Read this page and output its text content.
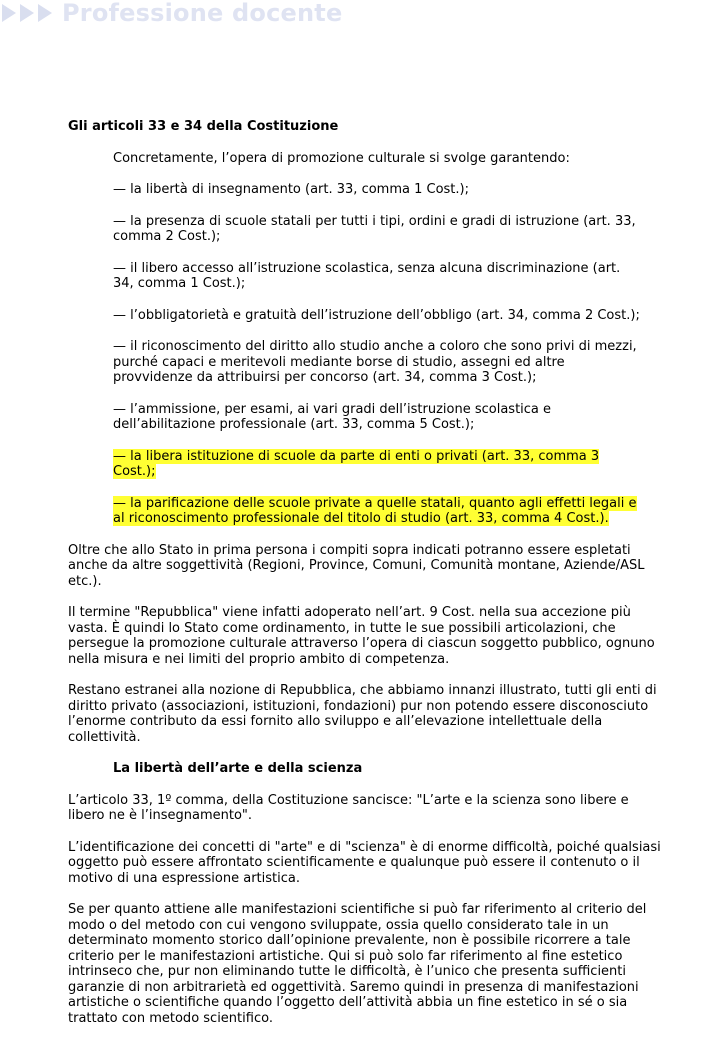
Professione docente

Gli articoli 33 e 34 della Costituzione

Concretamente, l’opera di promozione culturale si svolge garantendo:

— la libertà di insegnamento (art. 33, comma 1 Cost.);

— la presenza di scuole statali per tutti i tipi, ordini e gradi di istruzione (art. 33, comma 2 Cost.);

— il libero accesso all’istruzione scolastica, senza alcuna discriminazione (art. 34, comma 1 Cost.);

— l’obbligatorietà e gratuità dell’istruzione dell’obbligo (art. 34, comma 2 Cost.);

— il riconoscimento del diritto allo studio anche a coloro che sono privi di mezzi, purché capaci e meritevoli mediante borse di studio, assegni ed altre provvidenze da attribuirsi per concorso (art. 34, comma 3 Cost.);

— l’ammissione, per esami, ai vari gradi dell’istruzione scolastica e dell’abilitazione professionale (art. 33, comma 5 Cost.);

— la libera istituzione di scuole da parte di enti o privati (art. 33, comma 3 Cost.);

— la parificazione delle scuole private a quelle statali, quanto agli effetti legali e al riconoscimento professionale del titolo di studio (art. 33, comma 4 Cost.).

Oltre che allo Stato in prima persona i compiti sopra indicati potranno essere espletati anche da altre soggettività (Regioni, Province, Comuni, Comunità montane, Aziende/ASL etc.).

Il termine "Repubblica" viene infatti adoperato nell’art. 9 Cost. nella sua accezione più vasta. È quindi lo Stato come ordinamento, in tutte le sue possibili articolazioni, che persegue la promozione culturale attraverso l’opera di ciascun soggetto pubblico, ognuno nella misura e nei limiti del proprio ambito di competenza.

Restano estranei alla nozione di Repubblica, che abbiamo innanzi illustrato, tutti gli enti di diritto privato (associazioni, istituzioni, fondazioni) pur non potendo essere disconosciuto l’enorme contributo da essi fornito allo sviluppo e all’elevazione intellettuale della collettività.

La libertà dell’arte e della scienza

L’articolo 33, 1º comma, della Costituzione sancisce: "L’arte e la scienza sono libere e libero ne è l’insegnamento".

L’identificazione dei concetti di "arte" e di "scienza" è di enorme difficoltà, poiché qualsiasi oggetto può essere affrontato scientificamente e qualunque può essere il contenuto o il motivo di una espressione artistica.

Se per quanto attiene alle manifestazioni scientifiche si può far riferimento al criterio del modo o del metodo con cui vengono sviluppate, ossia quello considerato tale in un determinato momento storico dall’opinione prevalente, non è possibile ricorrere a tale criterio per le manifestazioni artistiche. Qui si può solo far riferimento al fine estetico intrinseco che, pur non eliminando tutte le difficoltà, è l’unico che presenta sufficienti garanzie di non arbitrarietà ed oggettività. Saremo quindi in presenza di manifestazioni artistiche o scientifiche quando l’oggetto dell’attività abbia un fine estetico in sé o sia trattato con metodo scientifico.
